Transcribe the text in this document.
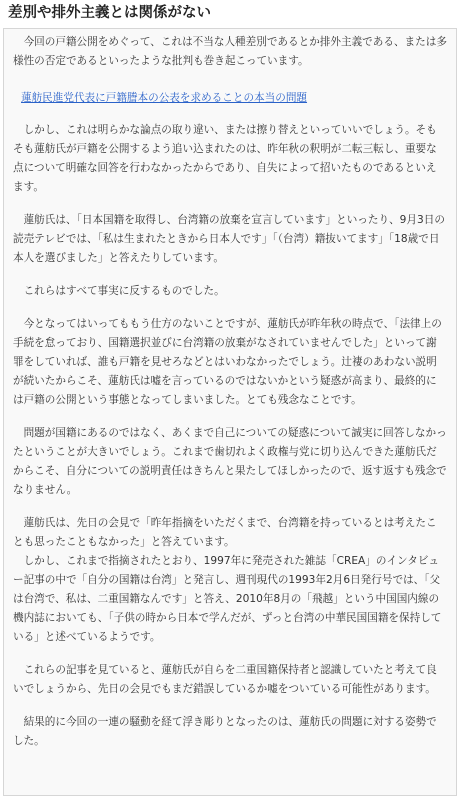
差別や排外主義とは関係がない

今回の戸籍公開をめぐって、これは不当な人種差別であるとか排外主義である、または多様性の否定であるといったような批判も巻き起こっています。

蓮舫民進党代表に戸籍謄本の公表を求めることの本当の問題

しかし、これは明らかな論点の取り違い、または擦り替えといっていいでしょう。そもそも蓮舫氏が戸籍を公開するよう追い込まれたのは、昨年秋の釈明が二転三転し、重要な点について明確な回答を行わなかったからであり、自失によって招いたものであるといえます。

蓮舫氏は、「日本国籍を取得し、台湾籍の放棄を宣言しています」といったり、9月3日の読売テレビでは、「私は生まれたときから日本人です」「（台湾）籍抜いてます」「18歳で日本人を選びました」と答えたりしています。

これらはすべて事実に反するものでした。

今となってはいってももう仕方のないことですが、蓮舫氏が昨年秋の時点で、「法律上の手続を怠っており、国籍選択並びに台湾籍の放棄がなされていませんでした」といって謝罪をしていれば、誰も戸籍を見せろなどとはいわなかったでしょう。辻褄のあわない説明が続いたからこそ、蓮舫氏は嘘を言っているのではないかという疑惑が高まり、最終的には戸籍の公開という事態となってしまいました。とても残念なことです。

問題が国籍にあるのではなく、あくまで自己についての疑惑について誠実に回答しなかったということが大きいでしょう。これまで歯切れよく政権与党に切り込んできた蓮舫氏だからこそ、自分についての説明責任はきちんと果たしてほしかったので、返す返すも残念でなりません。

蓮舫氏は、先日の会見で「昨年指摘をいただくまで、台湾籍を持っているとは考えたことも思ったこともなかった」と答えています。

しかし、これまで指摘されたとおり、1997年に発売された雑誌「CREA」のインタビュー記事の中で「自分の国籍は台湾」と発言し、週刊現代の1993年2月6日発行号では、「父は台湾で、私は、二重国籍なんです」と答え、2010年8月の「飛越」という中国国内線の機内誌においても、「子供の時から日本で学んだが、ずっと台湾の中華民国国籍を保持している」と述べているようです。

これらの記事を見ていると、蓮舫氏が自らを二重国籍保持者と認識していたと考えて良いでしょうから、先日の会見でもまだ錯誤しているか嘘をついている可能性があります。

結果的に今回の一連の騒動を経て浮き彫りとなったのは、蓮舫氏の問題に対する姿勢でした。
